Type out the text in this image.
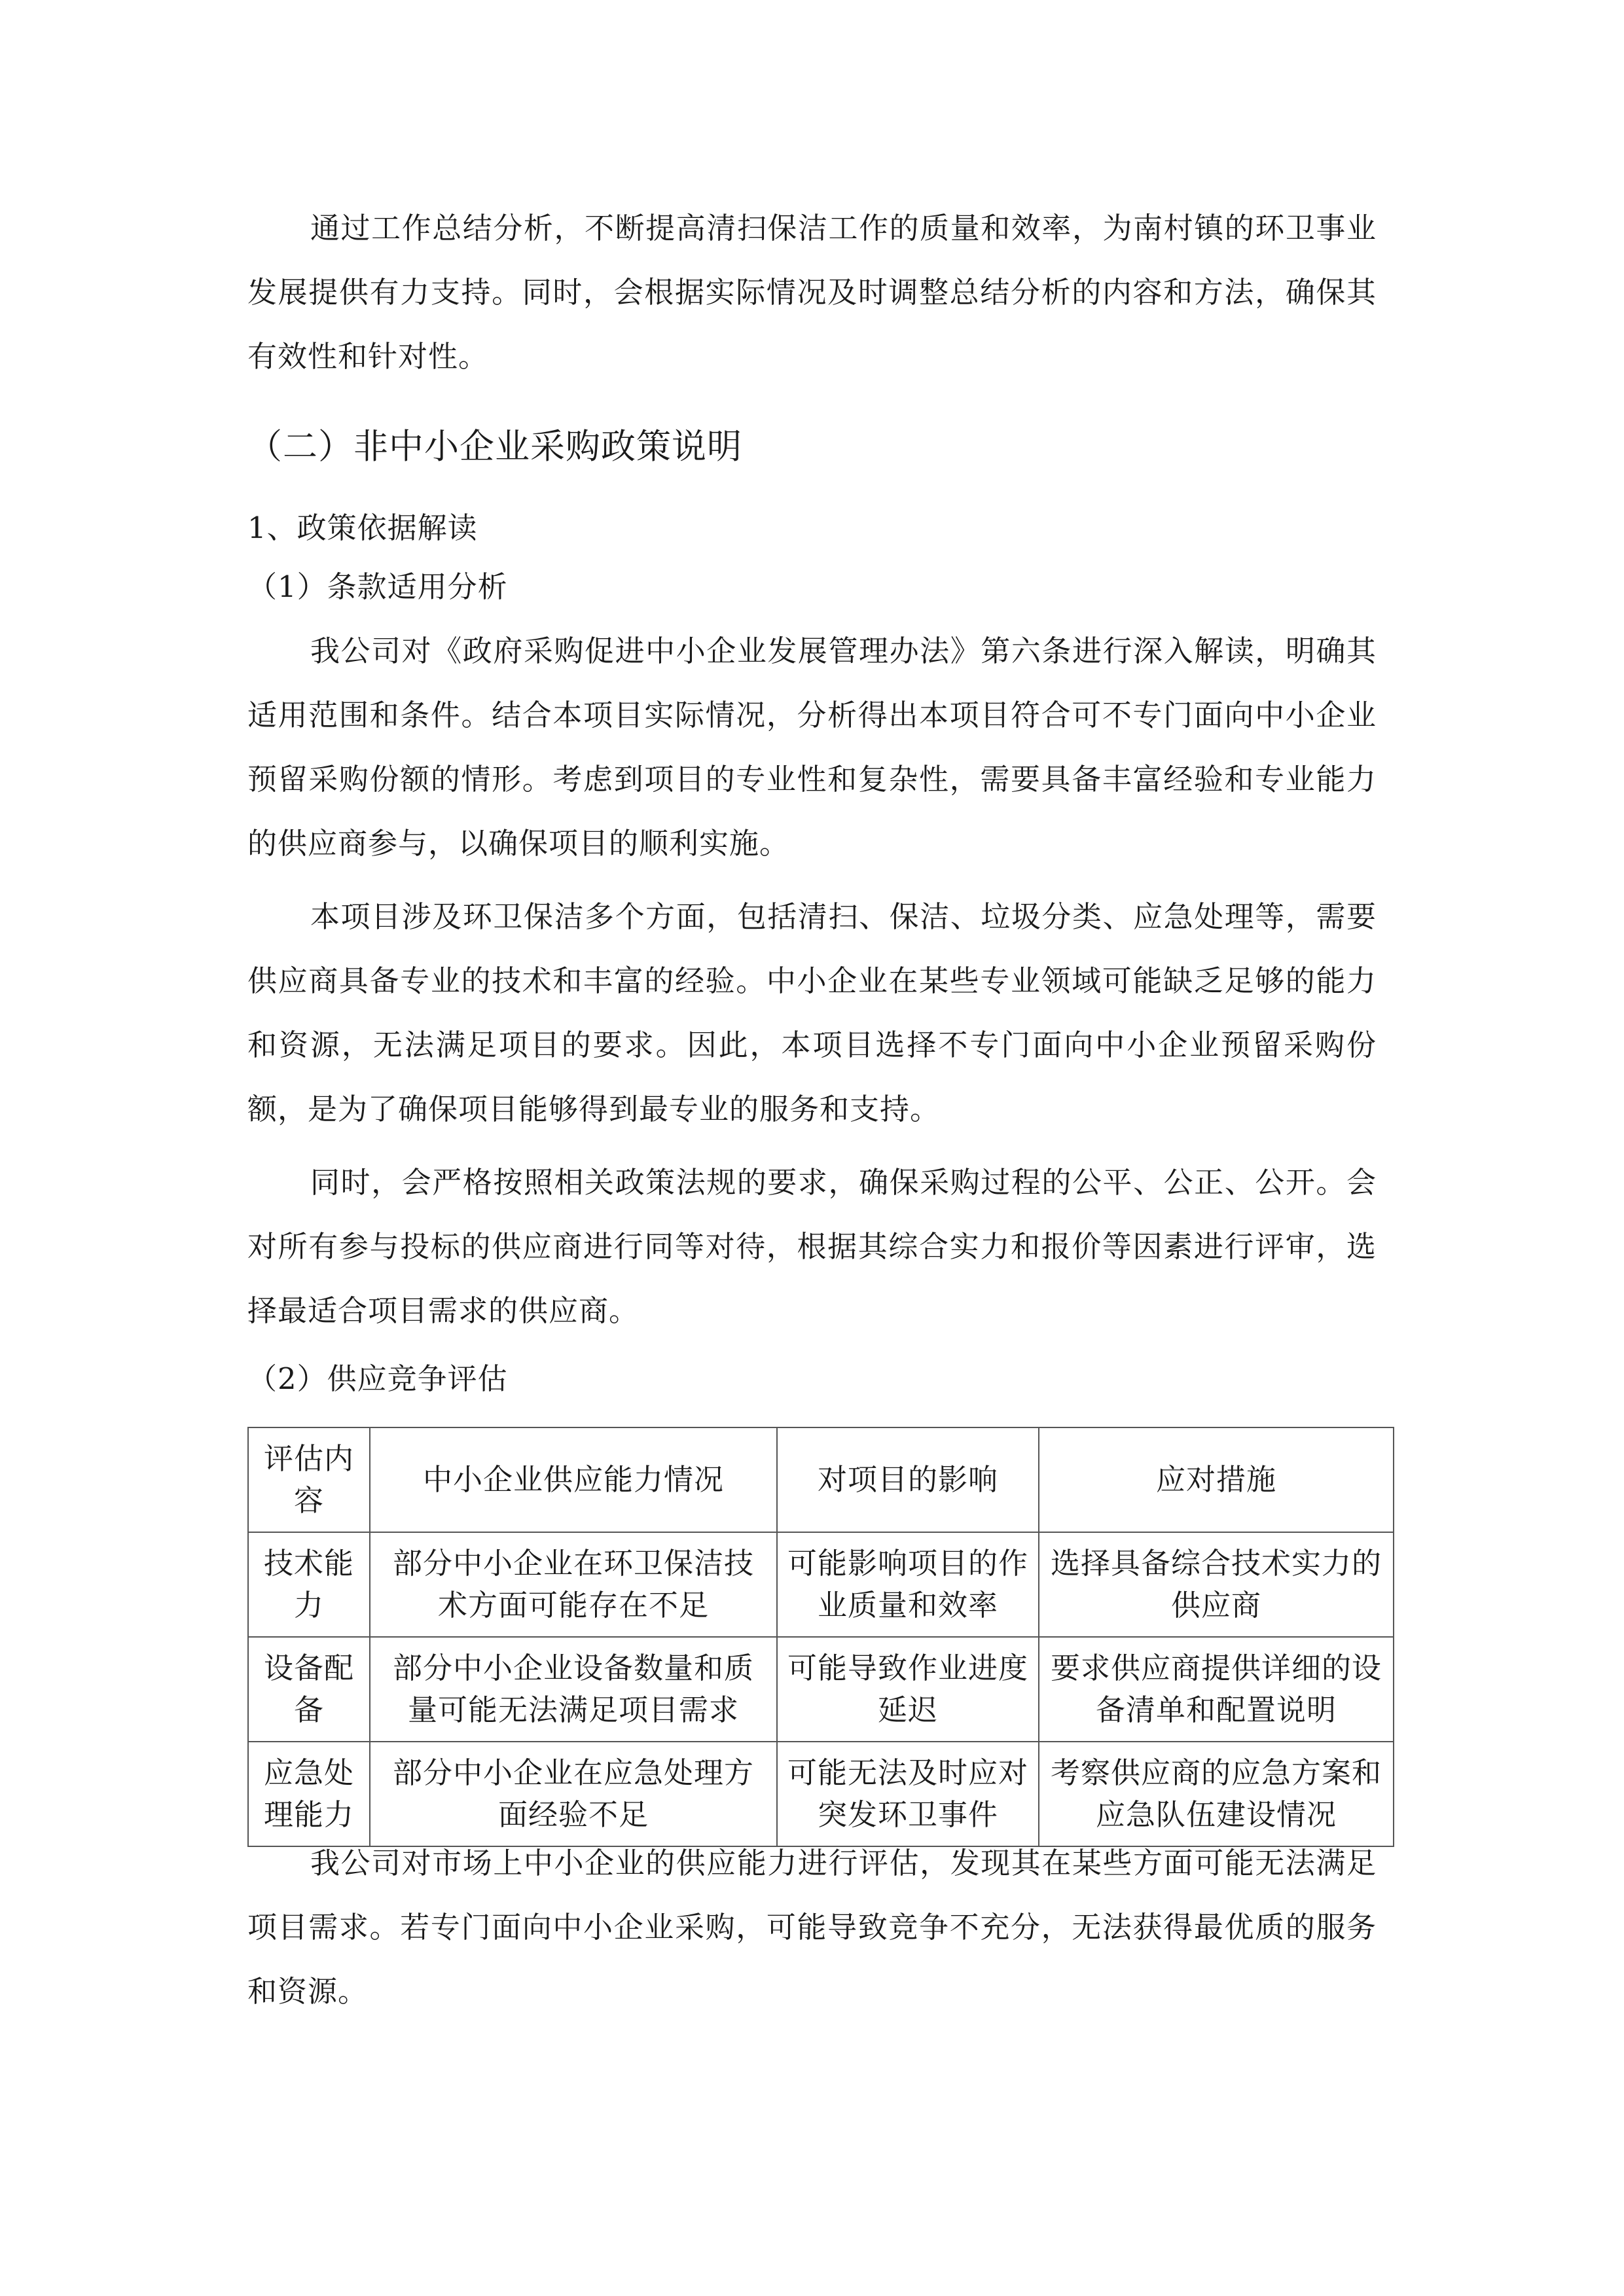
通过工作总结分析，不断提高清扫保洁工作的质量和效率，为南村镇的环卫事业发展提供有力支持。同时，会根据实际情况及时调整总结分析的内容和方法，确保其有效性和针对性。

（二）非中小企业采购政策说明
1、政策依据解读
（1）条款适用分析

我公司对《政府采购促进中小企业发展管理办法》第六条进行深入解读，明确其适用范围和条件。结合本项目实际情况，分析得出本项目符合可不专门面向中小企业预留采购份额的情形。考虑到项目的专业性和复杂性，需要具备丰富经验和专业能力的供应商参与，以确保项目的顺利实施。

本项目涉及环卫保洁多个方面，包括清扫、保洁、垃圾分类、应急处理等，需要供应商具备专业的技术和丰富的经验。中小企业在某些专业领域可能缺乏足够的能力和资源，无法满足项目的要求。因此，本项目选择不专门面向中小企业预留采购份额，是为了确保项目能够得到最专业的服务和支持。

同时，会严格按照相关政策法规的要求，确保采购过程的公平、公正、公开。会对所有参与投标的供应商进行同等对待，根据其综合实力和报价等因素进行评审，选择最适合项目需求的供应商。

（2）供应竞争评估
评估内容	中小企业供应能力情况	对项目的影响	应对措施
技术能力	部分中小企业在环卫保洁技术方面可能存在不足	可能影响项目的作业质量和效率	选择具备综合技术实力的供应商
设备配备	部分中小企业设备数量和质量可能无法满足项目需求	可能导致作业进度延迟	要求供应商提供详细的设备清单和配置说明
应急处理能力	部分中小企业在应急处理方面经验不足	可能无法及时应对突发环卫事件	考察供应商的应急方案和应急队伍建设情况

我公司对市场上中小企业的供应能力进行评估，发现其在某些方面可能无法满足项目需求。若专门面向中小企业采购，可能导致竞争不充分，无法获得最优质的服务和资源。
